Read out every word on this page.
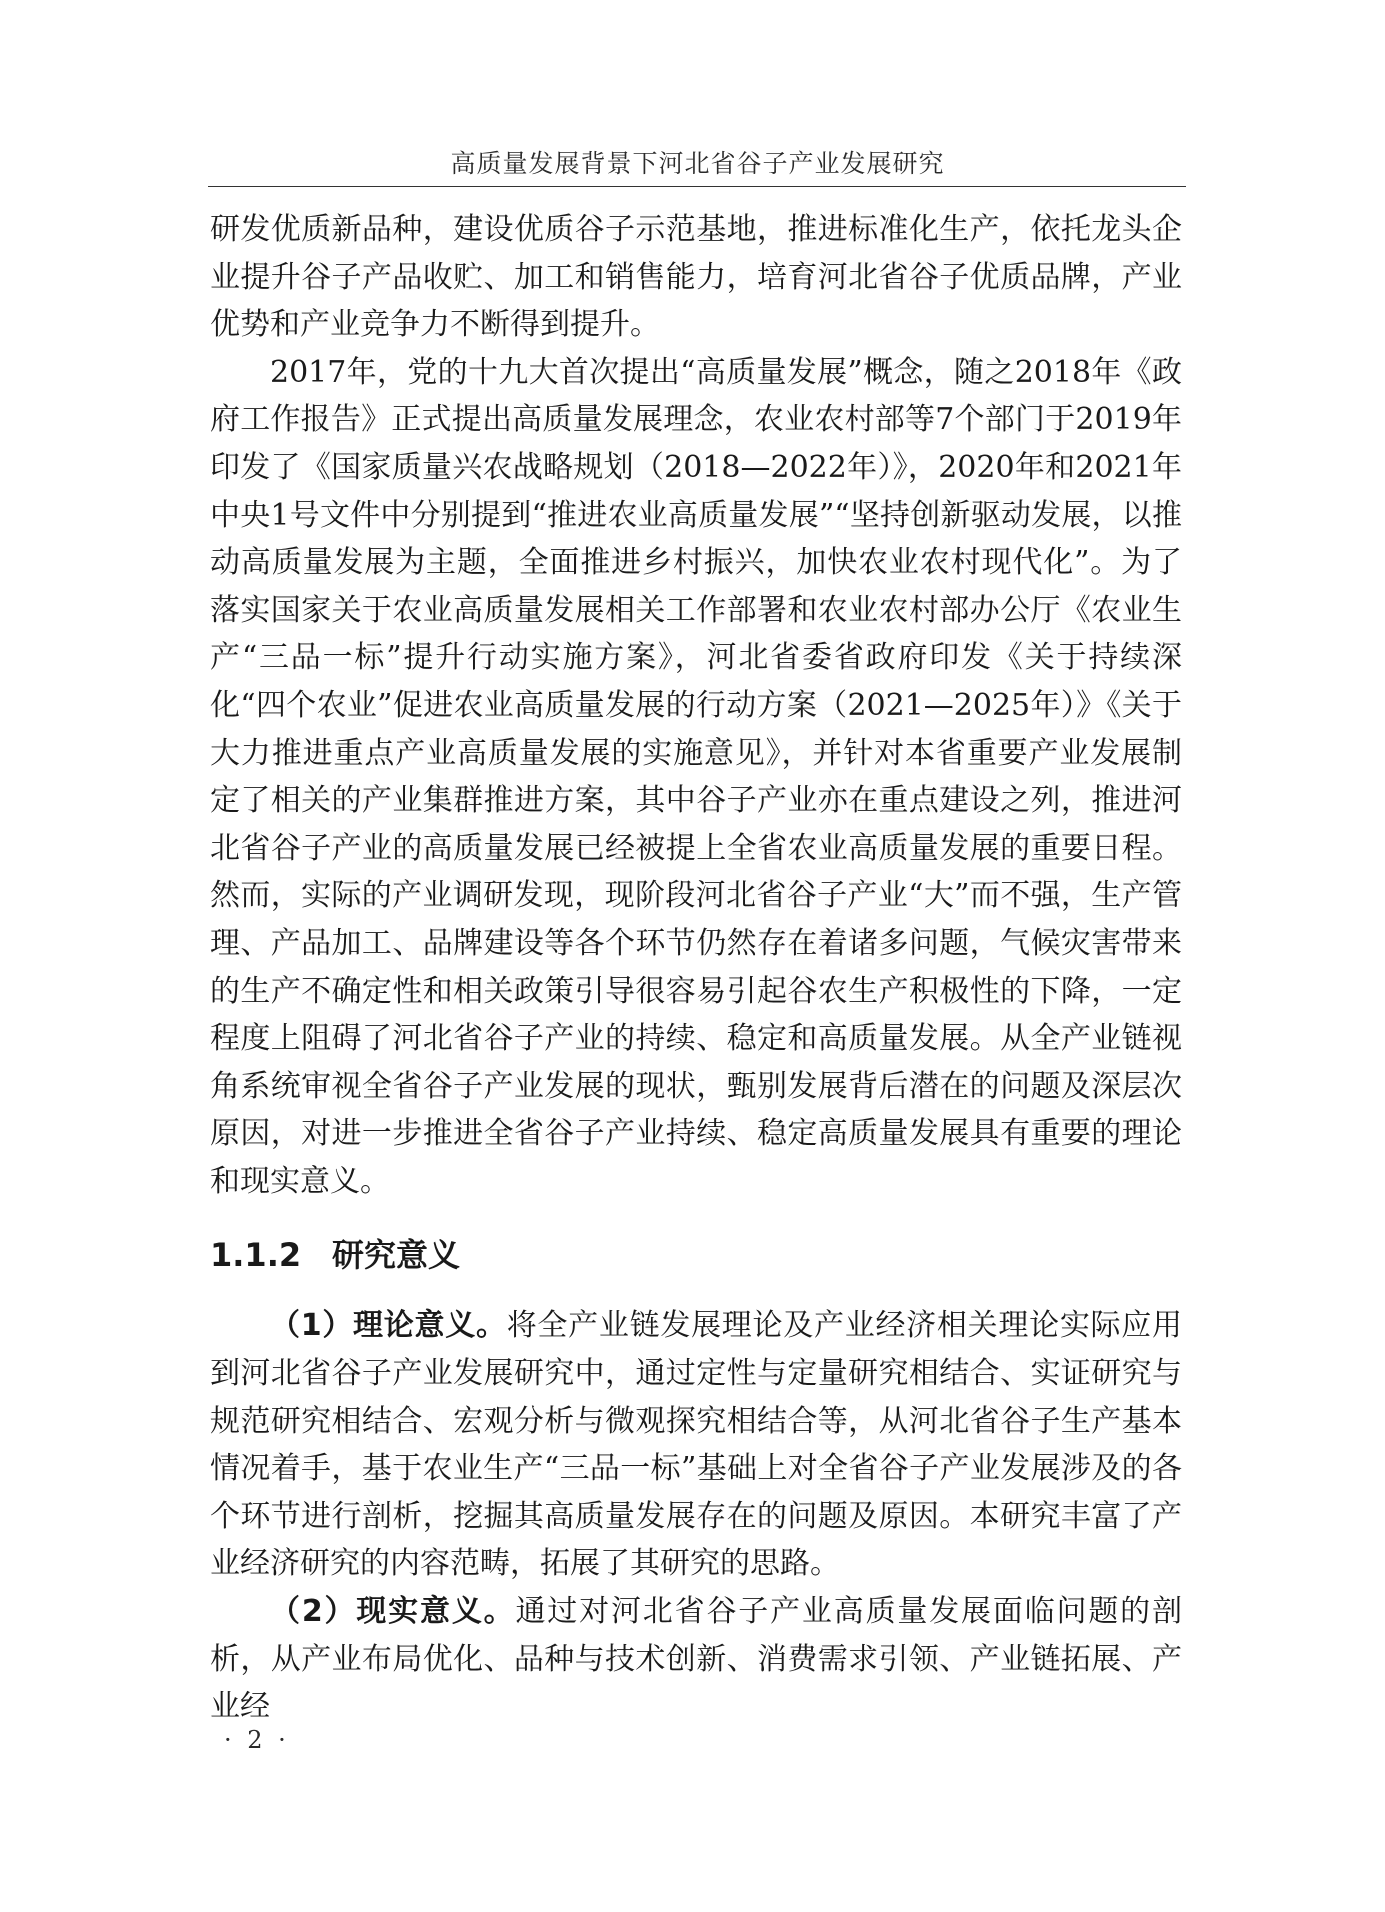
高质量发展背景下河北省谷子产业发展研究

研发优质新品种，建设优质谷子示范基地，推进标准化生产，依托龙头企业提升谷子产品收贮、加工和销售能力，培育河北省谷子优质品牌，产业优势和产业竞争力不断得到提升。

2017年，党的十九大首次提出“高质量发展”概念，随之2018年《政府工作报告》正式提出高质量发展理念，农业农村部等7个部门于2019年印发了《国家质量兴农战略规划（2018—2022年）》，2020年和2021年中央1号文件中分别提到“推进农业高质量发展”“坚持创新驱动发展，以推动高质量发展为主题，全面推进乡村振兴，加快农业农村现代化”。为了落实国家关于农业高质量发展相关工作部署和农业农村部办公厅《农业生产“三品一标”提升行动实施方案》，河北省委省政府印发《关于持续深化“四个农业”促进农业高质量发展的行动方案（2021—2025年）》《关于大力推进重点产业高质量发展的实施意见》，并针对本省重要产业发展制定了相关的产业集群推进方案，其中谷子产业亦在重点建设之列，推进河北省谷子产业的高质量发展已经被提上全省农业高质量发展的重要日程。然而，实际的产业调研发现，现阶段河北省谷子产业“大”而不强，生产管理、产品加工、品牌建设等各个环节仍然存在着诸多问题，气候灾害带来的生产不确定性和相关政策引导很容易引起谷农生产积极性的下降，一定程度上阻碍了河北省谷子产业的持续、稳定和高质量发展。从全产业链视角系统审视全省谷子产业发展的现状，甄别发展背后潜在的问题及深层次原因，对进一步推进全省谷子产业持续、稳定高质量发展具有重要的理论和现实意义。

1.1.2 研究意义

（1）理论意义。将全产业链发展理论及产业经济相关理论实际应用到河北省谷子产业发展研究中，通过定性与定量研究相结合、实证研究与规范研究相结合、宏观分析与微观探究相结合等，从河北省谷子生产基本情况着手，基于农业生产“三品一标”基础上对全省谷子产业发展涉及的各个环节进行剖析，挖掘其高质量发展存在的问题及原因。本研究丰富了产业经济研究的内容范畴，拓展了其研究的思路。

（2）现实意义。通过对河北省谷子产业高质量发展面临问题的剖析，从产业布局优化、品种与技术创新、消费需求引领、产业链拓展、产业经

· 2 ·
